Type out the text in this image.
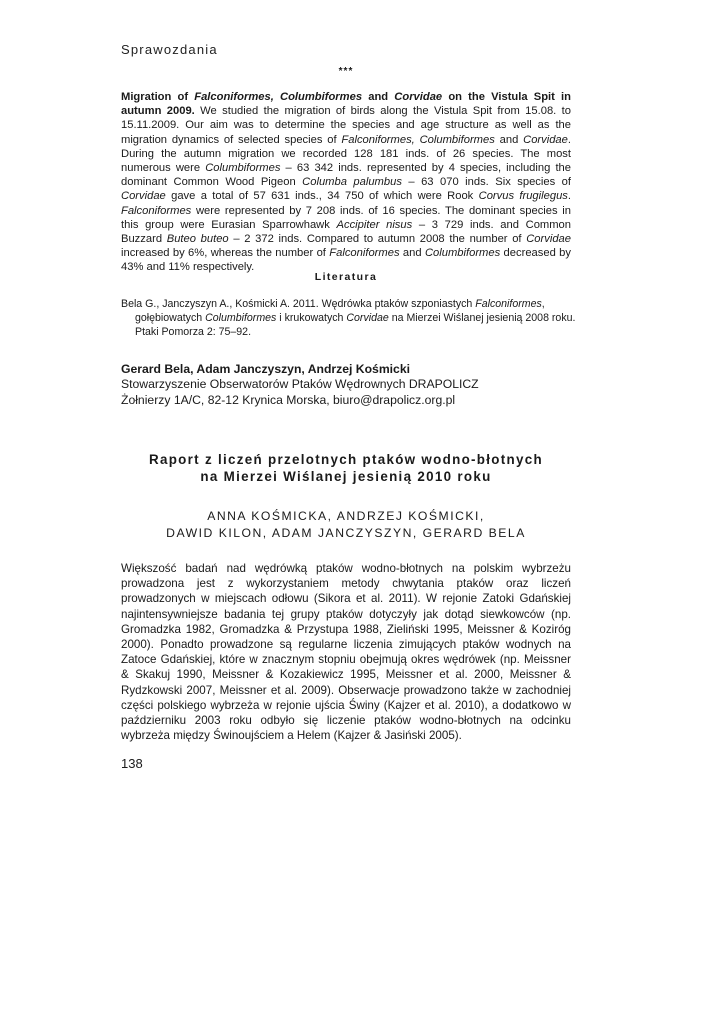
Sprawozdania
***
Migration of Falconiformes, Columbiformes and Corvidae on the Vistula Spit in autumn 2009. We studied the migration of birds along the Vistula Spit from 15.08. to 15.11.2009. Our aim was to determine the species and age structure as well as the migration dynamics of selected species of Falconiformes, Columbiformes and Corvidae. During the autumn migration we recorded 128 181 inds. of 26 species. The most numerous were Columbiformes – 63 342 inds. represented by 4 species, including the dominant Common Wood Pigeon Columba palumbus – 63 070 inds. Six species of Corvidae gave a total of 57 631 inds., 34 750 of which were Rook Corvus frugilegus. Falconiformes were represented by 7 208 inds. of 16 species. The dominant species in this group were Eurasian Sparrowhawk Accipiter nisus – 3 729 inds. and Common Buzzard Buteo buteo – 2 372 inds. Compared to autumn 2008 the number of Corvidae increased by 6%, whereas the number of Falconiformes and Columbiformes decreased by 43% and 11% respectively.
Literatura
Bela G., Janczyszyn A., Kośmicki A. 2011. Wędrówka ptaków szponiastych Falconiformes, gołębiowatych Columbiformes i krukowatych Corvidae na Mierzei Wiślanej jesienią 2008 roku. Ptaki Pomorza 2: 75–92.
Gerard Bela, Adam Janczyszyn, Andrzej Kośmicki
Stowarzyszenie Obserwatorów Ptaków Wędrownych DRAPOLICZ
Żołnierzy 1A/C, 82-12 Krynica Morska, biuro@drapolicz.org.pl
Raport z liczeń przelotnych ptaków wodno-błotnych
na Mierzei Wiślanej jesienią 2010 roku
ANNA KOŚMICKA, ANDRZEJ KOŚMICKI,
DAWID KILON, ADAM JANCZYSZYN, GERARD BELA
Większość badań nad wędrówką ptaków wodno-błotnych na polskim wybrzeżu prowadzona jest z wykorzystaniem metody chwytania ptaków oraz liczeń prowadzonych w miejscach odłowu (Sikora et al. 2011). W rejonie Zatoki Gdańskiej najintensywniejsze badania tej grupy ptaków dotyczyły jak dotąd siewkowców (np. Gromadzka 1982, Gromadzka & Przystupa 1988, Zieliński 1995, Meissner & Koziróg 2000). Ponadto prowadzone są regularne liczenia zimujących ptaków wodnych na Zatoce Gdańskiej, które w znacznym stopniu obejmują okres wędrówek (np. Meissner & Skakuj 1990, Meissner & Kozakiewicz 1995, Meissner et al. 2000, Meissner & Rydzkowski 2007, Meissner et al. 2009). Obserwacje prowadzono także w zachodniej części polskiego wybrzeża w rejonie ujścia Świny (Kajzer et al. 2010), a dodatkowo w październiku 2003 roku odbyło się liczenie ptaków wodno-błotnych na odcinku wybrzeża między Świnoujściem a Helem (Kajzer & Jasiński 2005).
138
